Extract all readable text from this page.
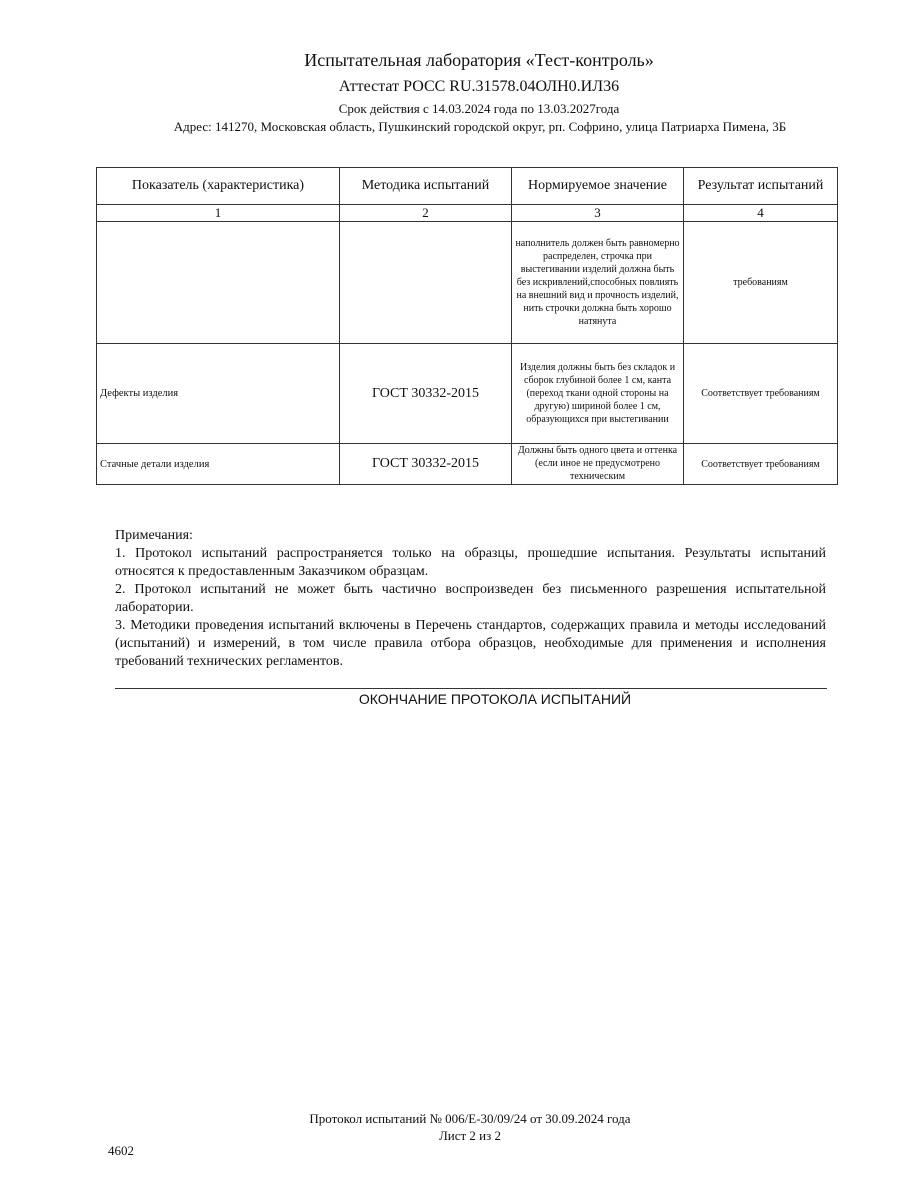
Испытательная лаборатория «Тест-контроль»
Аттестат РОСС RU.31578.04ОЛН0.ИЛ36
Срок действия с 14.03.2024 года по 13.03.2027года
Адрес: 141270, Московская область, Пушкинский городской округ, рп. Софрино, улица Патриарха Пимена, 3Б
Показатель (характеристика)	Методика испытаний	Нормируемое значение	Результат испытаний
1	2	3	4

		наполнитель должен быть равномерно распределен, строчка при выстегивании изделий должна быть без искривлений,способных повлиять на внешний вид и прочность изделий, нить строчки должна быть хорошо натянута	требованиям
Дефекты изделия	ГОСТ 30332-2015	Изделия должны быть без складок и сборок глубиной более 1 см, канта (переход ткани одной стороны на другую) шириной более 1 см, образующихся при выстегивании	Соответствует требованиям
Стачные детали изделия	ГОСТ 30332-2015	Должны быть одного цвета и оттенка (если иное не предусмотрено техническим	Соответствует требованиям

Примечания:

1. Протокол испытаний распространяется только на образцы, прошедшие испытания. Результаты испытаний относятся к предоставленным Заказчиком образцам.

2. Протокол испытаний не может быть частично воспроизведен без письменного разрешения испытательной лаборатории.

3. Методики проведения испытаний включены в Перечень стандартов, содержащих правила и методы исследований (испытаний) и измерений, в том числе правила отбора образцов, необходимые для применения и исполнения требований технических регламентов.

ОКОНЧАНИЕ ПРОТОКОЛА ИСПЫТАНИЙ
Протокол испытаний № 006/Е-30/09/24 от 30.09.2024 года
Лист 2 из 2
4602
